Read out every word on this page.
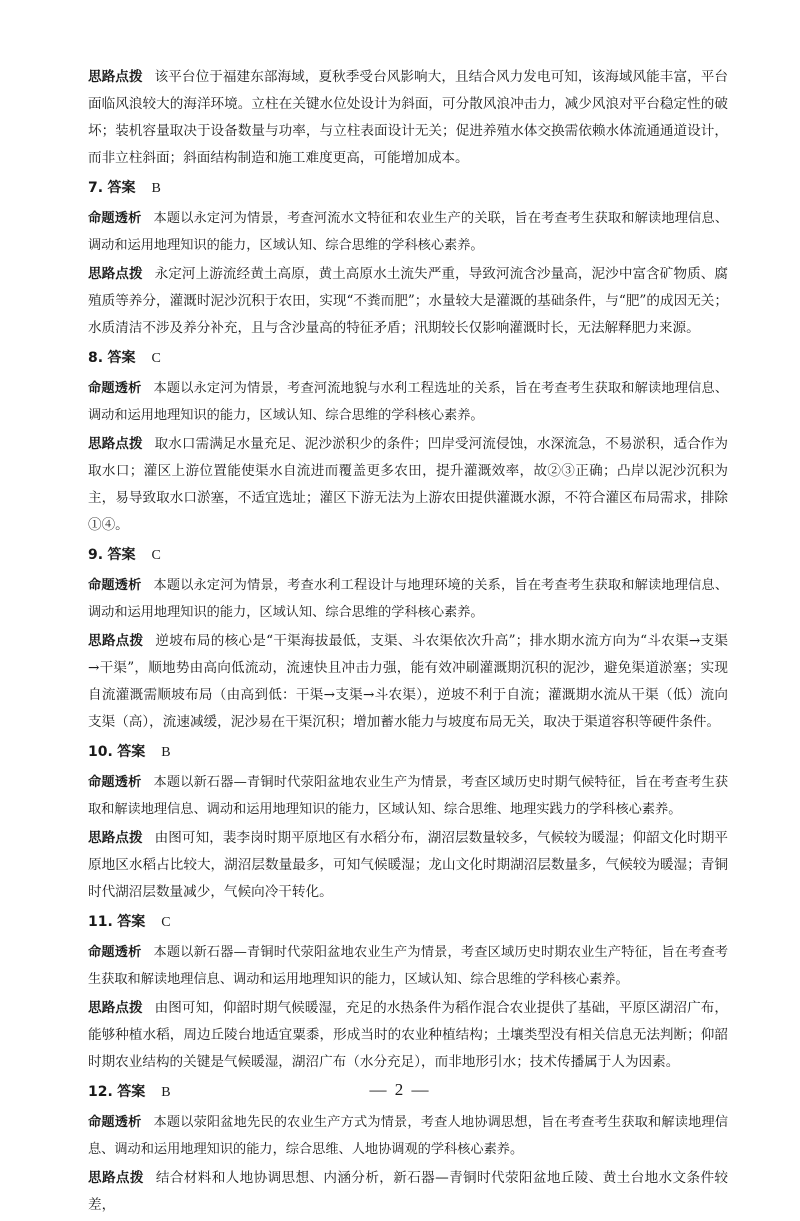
思路点拨 该平台位于福建东部海域，夏秋季受台风影响大，且结合风力发电可知，该海域风能丰富，平台面临风浪较大的海洋环境。立柱在关键水位处设计为斜面，可分散风浪冲击力，减少风浪对平台稳定性的破坏；装机容量取决于设备数量与功率，与立柱表面设计无关；促进养殖水体交换需依赖水体流通通道设计，而非立柱斜面；斜面结构制造和施工难度更高，可能增加成本。

7. 答案 B

命题透析 本题以永定河为情景，考查河流水文特征和农业生产的关联，旨在考查考生获取和解读地理信息、调动和运用地理知识的能力，区域认知、综合思维的学科核心素养。

思路点拨 永定河上游流经黄土高原，黄土高原水土流失严重，导致河流含沙量高，泥沙中富含矿物质、腐殖质等养分，灌溉时泥沙沉积于农田，实现“不粪而肥”；水量较大是灌溉的基础条件，与“肥”的成因无关；水质清洁不涉及养分补充，且与含沙量高的特征矛盾；汛期较长仅影响灌溉时长，无法解释肥力来源。

8. 答案 C

命题透析 本题以永定河为情景，考查河流地貌与水利工程选址的关系，旨在考查考生获取和解读地理信息、调动和运用地理知识的能力，区域认知、综合思维的学科核心素养。

思路点拨 取水口需满足水量充足、泥沙淤积少的条件；凹岸受河流侵蚀，水深流急，不易淤积，适合作为取水口；灌区上游位置能使渠水自流进而覆盖更多农田，提升灌溉效率，故②③正确；凸岸以泥沙沉积为主，易导致取水口淤塞，不适宜选址；灌区下游无法为上游农田提供灌溉水源，不符合灌区布局需求，排除①④。

9. 答案 C

命题透析 本题以永定河为情景，考查水利工程设计与地理环境的关系，旨在考查考生获取和解读地理信息、调动和运用地理知识的能力，区域认知、综合思维的学科核心素养。

思路点拨 逆坡布局的核心是“干渠海拔最低，支渠、斗农渠依次升高”；排水期水流方向为“斗农渠→支渠→干渠”，顺地势由高向低流动，流速快且冲击力强，能有效冲刷灌溉期沉积的泥沙，避免渠道淤塞；实现自流灌溉需顺坡布局（由高到低：干渠→支渠→斗农渠），逆坡不利于自流；灌溉期水流从干渠（低）流向支渠（高），流速减缓，泥沙易在干渠沉积；增加蓄水能力与坡度布局无关，取决于渠道容积等硬件条件。

10. 答案 B

命题透析 本题以新石器—青铜时代荥阳盆地农业生产为情景，考查区域历史时期气候特征，旨在考查考生获取和解读地理信息、调动和运用地理知识的能力，区域认知、综合思维、地理实践力的学科核心素养。

思路点拨 由图可知，裴李岗时期平原地区有水稻分布，湖沼层数量较多，气候较为暖湿；仰韶文化时期平原地区水稻占比较大，湖沼层数量最多，可知气候暖湿；龙山文化时期湖沼层数量多，气候较为暖湿；青铜时代湖沼层数量减少，气候向冷干转化。

11. 答案 C

命题透析 本题以新石器—青铜时代荥阳盆地农业生产为情景，考查区域历史时期农业生产特征，旨在考查考生获取和解读地理信息、调动和运用地理知识的能力，区域认知、综合思维的学科核心素养。

思路点拨 由图可知，仰韶时期气候暖湿，充足的水热条件为稻作混合农业提供了基础，平原区湖沼广布，能够种植水稻，周边丘陵台地适宜粟黍，形成当时的农业种植结构；土壤类型没有相关信息无法判断；仰韶时期农业结构的关键是气候暖湿，湖沼广布（水分充足），而非地形引水；技术传播属于人为因素。

12. 答案 B

命题透析 本题以荥阳盆地先民的农业生产方式为情景，考查人地协调思想，旨在考查考生获取和解读地理信息、调动和运用地理知识的能力，综合思维、人地协调观的学科核心素养。

思路点拨 结合材料和人地协调思想、内涵分析，新石器—青铜时代荥阳盆地丘陵、黄土台地水文条件较差，

— 2 —
